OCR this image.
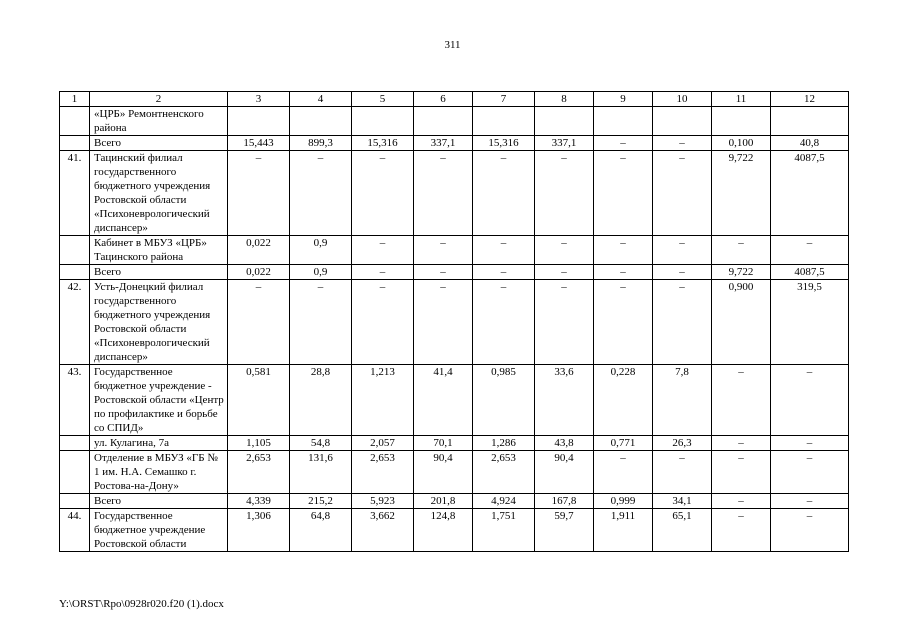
311
1	2	3	4	5	6	7	8	9	10	11	12
	«ЦРБ» Ремонтненского района										
	Всего	15,443	899,3	15,316	337,1	15,316	337,1	–	–	0,100	40,8
41.	Тацинский филиал государственного бюджетного учреждения Ростовской области «Психоневрологический диспансер»	–	–	–	–	–	–	–	–	9,722	4087,5
	Кабинет в МБУЗ «ЦРБ» Тацинского района	0,022	0,9	–	–	–	–	–	–	–	–
	Всего	0,022	0,9	–	–	–	–	–	–	9,722	4087,5
42.	Усть-Донецкий филиал государственного бюджетного учреждения Ростовской области «Психоневрологический диспансер»	–	–	–	–	–	–	–	–	0,900	319,5
43.	Государственное бюджетное учреждение - Ростовской области «Центр по профилактике и борьбе со СПИД»	0,581	28,8	1,213	41,4	0,985	33,6	0,228	7,8	–	–
	ул. Кулагина, 7а	1,105	54,8	2,057	70,1	1,286	43,8	0,771	26,3	–	–
	Отделение в МБУЗ «ГБ № 1 им. Н.А. Семашко г. Ростова-на-Дону»	2,653	131,6	2,653	90,4	2,653	90,4	–	–	–	–
	Всего	4,339	215,2	5,923	201,8	4,924	167,8	0,999	34,1	–	–
44.	Государственное бюджетное учреждение Ростовской области	1,306	64,8	3,662	124,8	1,751	59,7	1,911	65,1	–	–
Y:\ORST\Rpo\0928r020.f20 (1).docx
